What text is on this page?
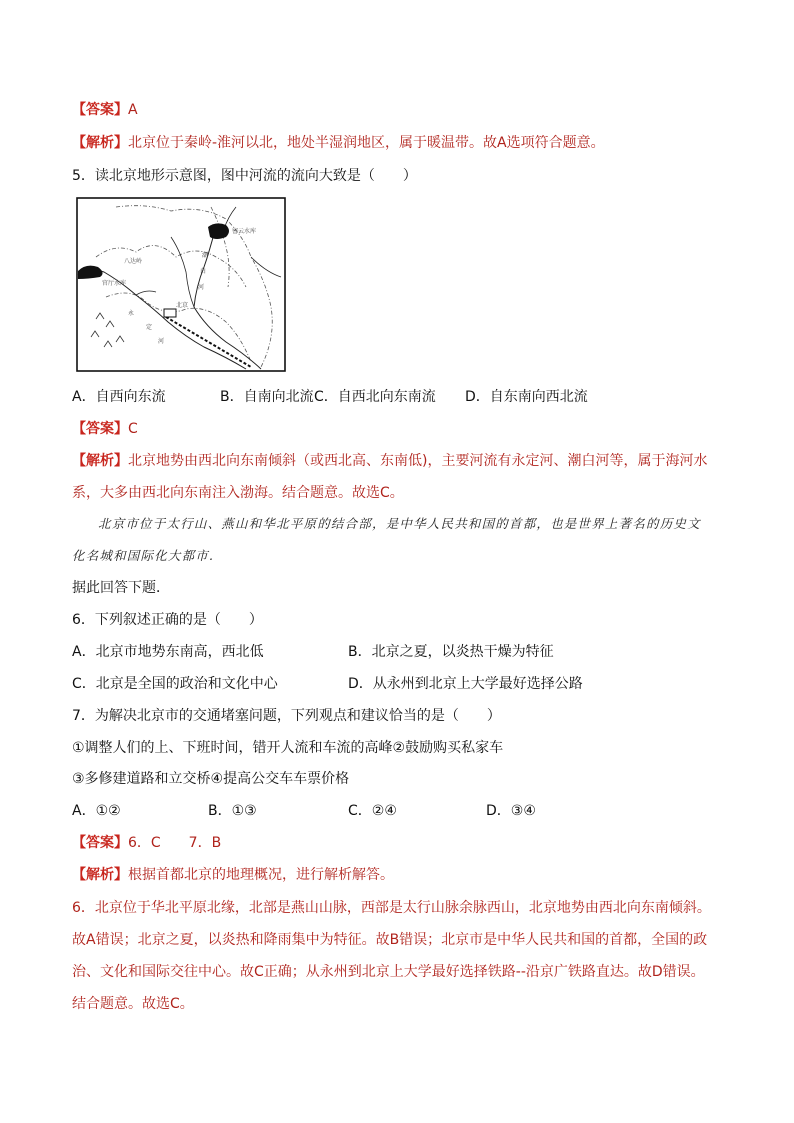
【答案】A
【解析】北京位于秦岭-淮河以北，地处半湿润地区，属于暖温带。故A选项符合题意。
5．读北京地形示意图，图中河流的流向大致是（　　）
八达岭
密云水库
官厅水库
北京
永
定
河
潮
白
河
A．自西向东流	B．自南向北流 C．自西北向东南流 D．自东南向西北流
【答案】C
【解析】北京地势由西北向东南倾斜（或西北高、东南低)，主要河流有永定河、潮白河等，属于海河水
系，大多由西北向东南注入渤海。结合题意。故选C。
北京市位于太行山、燕山和华北平原的结合部，是中华人民共和国的首都，也是世界上著名的历史文
化名城和国际化大都市.
据此回答下题．
6．下列叙述正确的是（　　）
A．北京市地势东南高，西北低	B．北京之夏，以炎热干燥为特征
C．北京是全国的政治和文化中心	D．从永州到北京上大学最好选择公路
7．为解决北京市的交通堵塞问题，下列观点和建议恰当的是（　　）
①调整人们的上、下班时间，错开人流和车流的高峰②鼓励购买私家车
③多修建道路和立交桥④提高公交车车票价格
A．①②	B．①③	C．②④	D．③④
【答案】6．C　　7．B
【解析】根据首都北京的地理概况，进行解析解答。
6．北京位于华北平原北缘，北部是燕山山脉，西部是太行山脉余脉西山，北京地势由西北向东南倾斜。
故A错误；北京之夏，以炎热和降雨集中为特征。故B错误；北京市是中华人民共和国的首都，全国的政
治、文化和国际交往中心。故C正确；从永州到北京上大学最好选择铁路--沿京广铁路直达。故D错误。
结合题意。故选C。
